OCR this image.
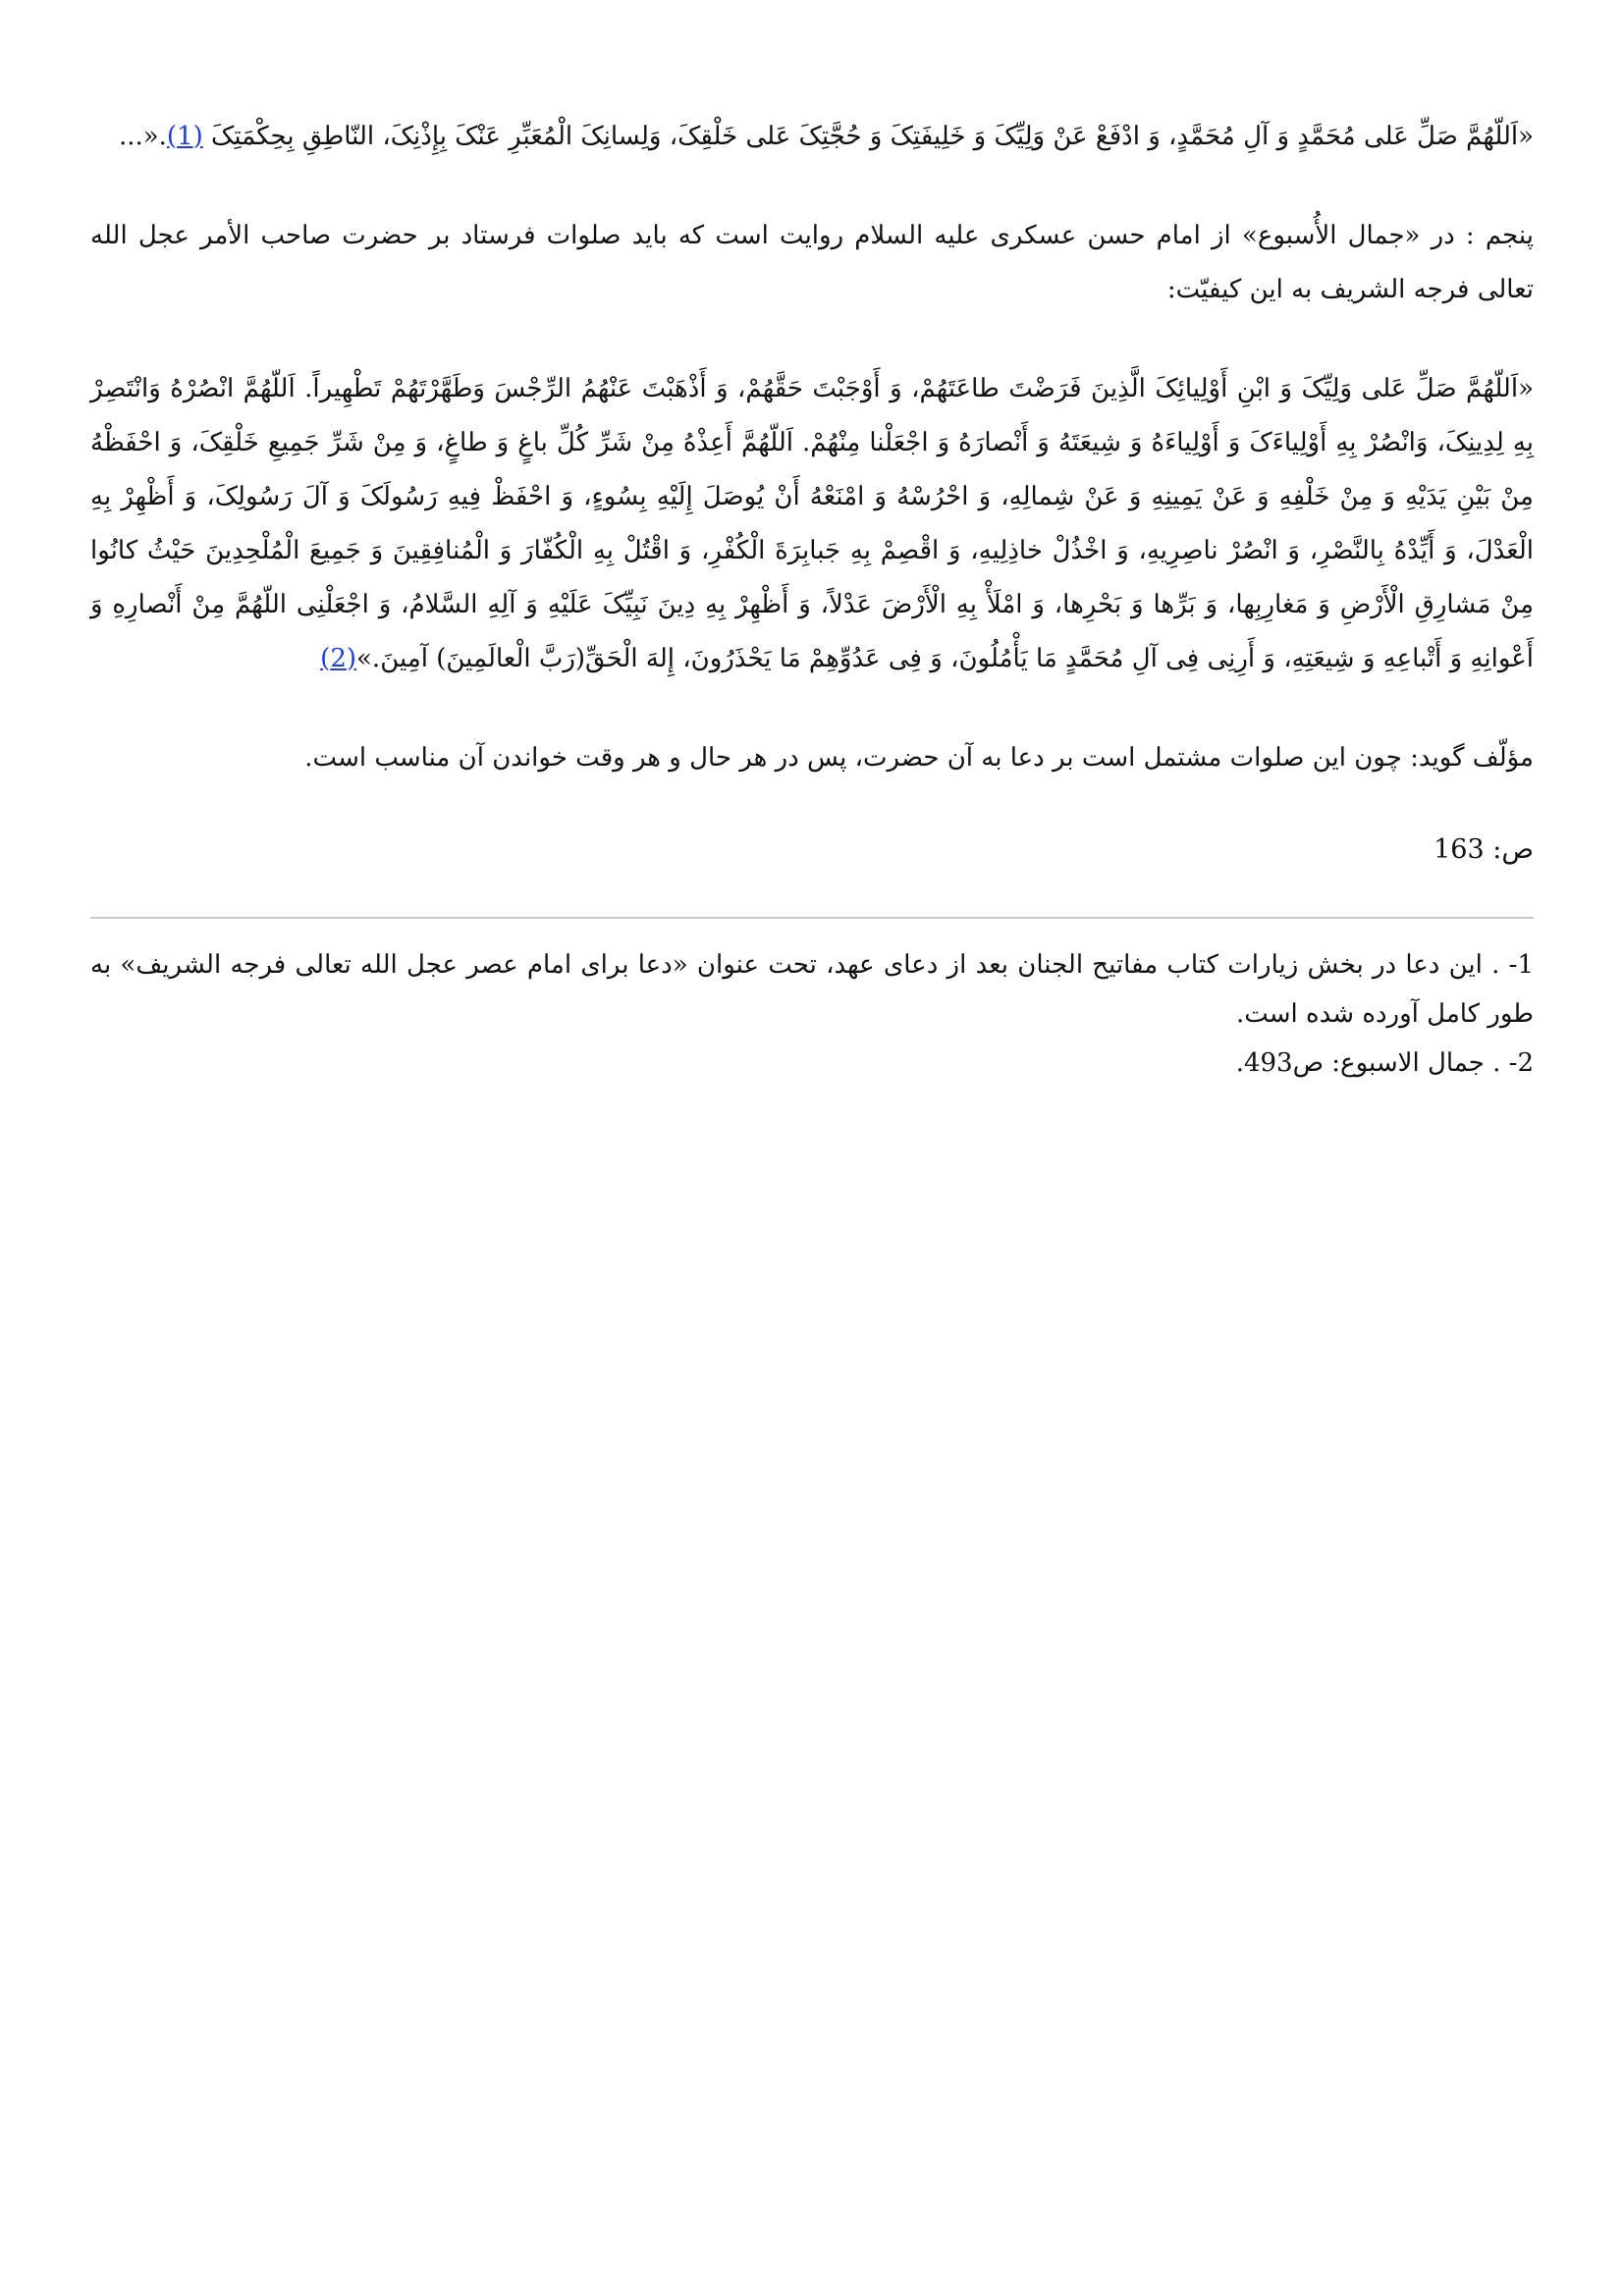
«اَللّهُمَّ صَلِّ عَلی مُحَمَّدٍ وَ آلِ مُحَمَّدٍ، وَ ادْفَعْ عَنْ وَلِیِّکَ وَ خَلِیفَتِکَ وَ حُجَّتِکَ عَلی خَلْقِکَ، وَلِسانِکَ الْمُعَبِّرِ عَنْکَ بِإِذْنِکَ، النّاطِقِ بِحِکْمَتِکَ (1).«...

پنجم : در «جمال الأُسبوع» از امام حسن عسکری علیه السلام روایت است که باید صلوات فرستاد بر حضرت صاحب الأمر عجل الله تعالی فرجه الشریف به این کیفیّت:

«اَللّهُمَّ صَلِّ عَلی وَلِیِّکَ وَ ابْنِ أَوْلِیائِکَ الَّذِینَ فَرَضْتَ طاعَتَهُمْ، وَ أَوْجَبْتَ حَقَّهُمْ، وَ أَذْهَبْتَ عَنْهُمُ الرِّجْسَ وَطَهَّرْتَهُمْ تَطْهِیراً. اَللّهُمَّ انْصُرْهُ وَانْتَصِرْ بِهِ لِدِینِکَ، وَانْصُرْ بِهِ أَوْلِیاءَکَ وَ أَوْلِیاءَهُ وَ شِیعَتَهُ وَ أَنْصارَهُ وَ اجْعَلْنا مِنْهُمْ. اَللّهُمَّ أَعِذْهُ مِنْ شَرِّ کُلِّ باغٍ وَ طاغٍ، وَ مِنْ شَرِّ جَمِیعِ خَلْقِکَ، وَ احْفَظْهُ مِنْ بَیْنِ یَدَیْهِ وَ مِنْ خَلْفِهِ وَ عَنْ یَمِینِهِ وَ عَنْ شِمالِهِ، وَ احْرُسْهُ وَ امْنَعْهُ أَنْ یُوصَلَ إِلَیْهِ بِسُوءٍ، وَ احْفَظْ فِیهِ رَسُولَکَ وَ آلَ رَسُولِکَ، وَ أَظْهِرْ بِهِ الْعَدْلَ، وَ أَیِّدْهُ بِالنَّصْرِ، وَ انْصُرْ ناصِرِیهِ، وَ اخْذُلْ خاذِلِیهِ، وَ اقْصِمْ بِهِ جَبابِرَةَ الْکُفْرِ، وَ اقْتُلْ بِهِ الْکُفّارَ وَ الْمُنافِقِینَ وَ جَمِیعَ الْمُلْحِدِینَ حَیْثُ کانُوا مِنْ مَشارِقِ الْأَرْضِ وَ مَغارِبِها، وَ بَرِّها وَ بَحْرِها، وَ امْلَأْ بِهِ الْأَرْضَ عَدْلاً، وَ أَظْهِرْ بِهِ دِینَ نَبِیِّکَ عَلَیْهِ وَ آلِهِ السَّلامُ، وَ اجْعَلْنِی اللّهُمَّ مِنْ أَنْصارِهِ وَ أَعْوانِهِ وَ أَتْباعِهِ وَ شِیعَتِهِ، وَ أَرِنِی فِی آلِ مُحَمَّدٍ مَا یَأْمُلُونَ، وَ فِی عَدُوِّهِمْ مَا یَحْذَرُونَ، إِلهَ الْحَقِّ(رَبَّ الْعالَمِینَ) آمِینَ.»(2)

مؤلّف گوید: چون این صلوات مشتمل است بر دعا به آن حضرت، پس در هر حال و هر وقت خواندن آن مناسب است.

ص: 163

1- . این دعا در بخش زیارات کتاب مفاتیح الجنان بعد از دعای عهد، تحت عنوان «دعا برای امام عصر عجل الله تعالی فرجه الشریف» به طور کامل آورده شده است.

2- . جمال الاسبوع: ص493.
